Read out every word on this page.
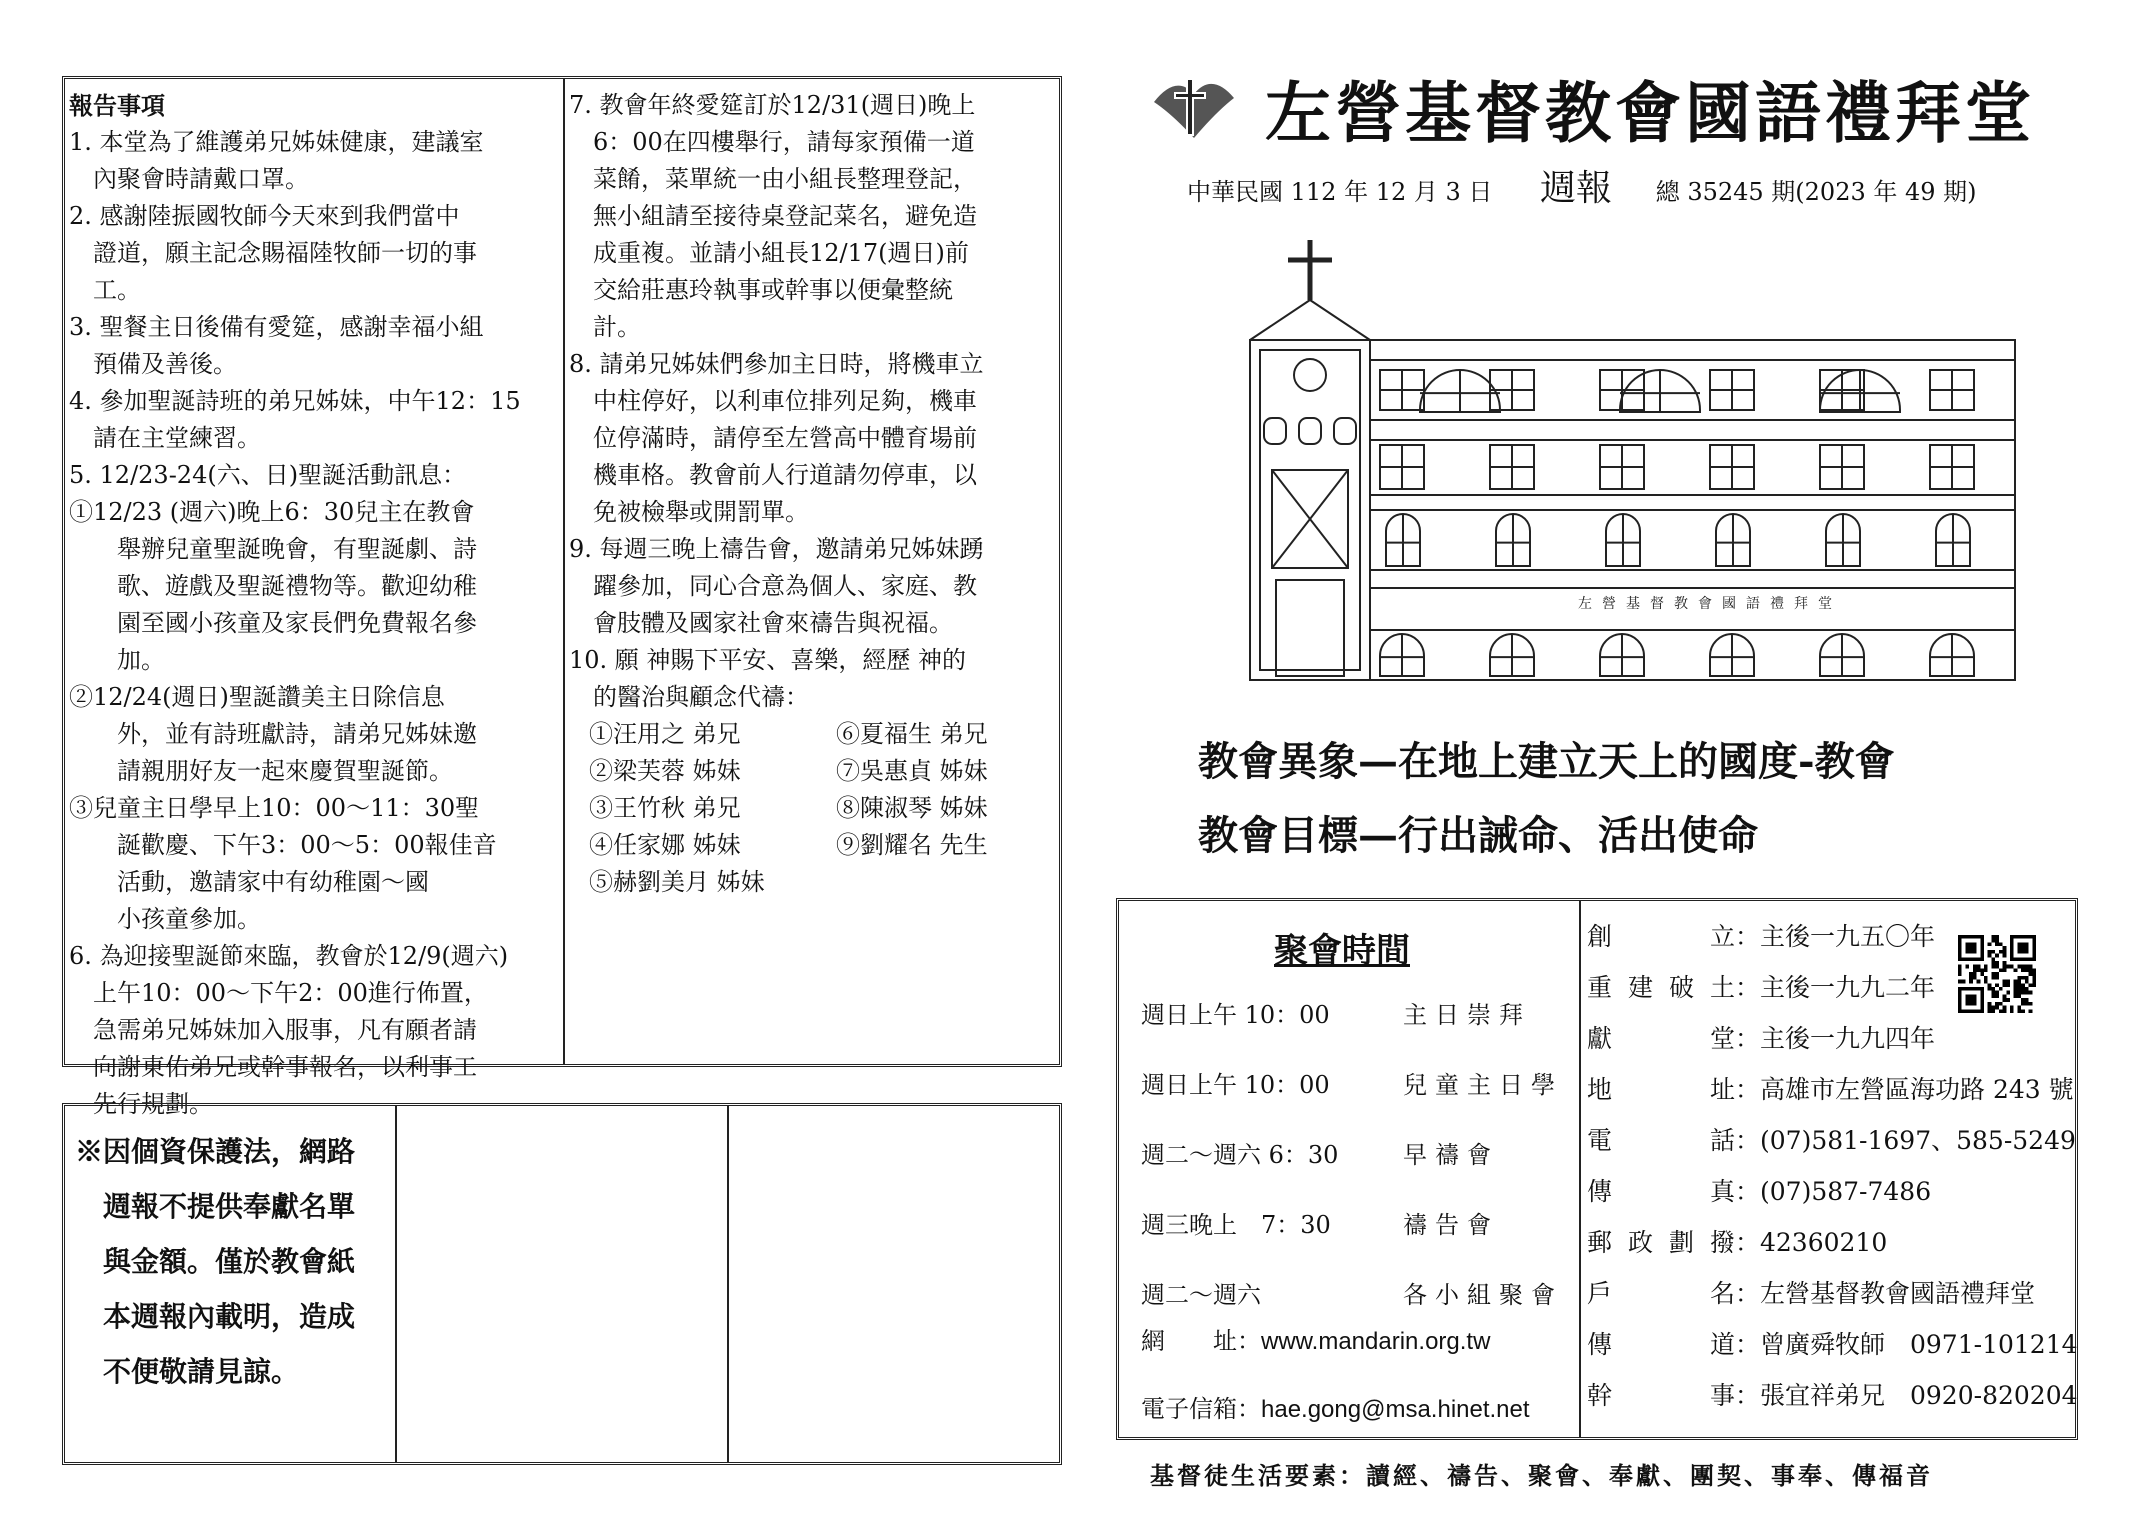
報告事項
1. 本堂為了維護弟兄姊妹健康，建議室
　內聚會時請戴口罩。
2. 感謝陸振國牧師今天來到我們當中
　證道，願主記念賜福陸牧師一切的事
　工。
3. 聖餐主日後備有愛筵，感謝幸福小組
　預備及善後。
4. 參加聖誕詩班的弟兄姊妹，中午12：15
　請在主堂練習。
5. 12/23-24(六、日)聖誕活動訊息：
①12/23 (週六)晚上6：30兒主在教會
　　舉辦兒童聖誕晚會，有聖誕劇、詩
　　歌、遊戲及聖誕禮物等。歡迎幼稚
　　園至國小孩童及家長們免費報名參
　　加。
②12/24(週日)聖誕讚美主日除信息
　　外，並有詩班獻詩，請弟兄姊妹邀
　　請親朋好友一起來慶賀聖誕節。
③兒童主日學早上10：00～11：30聖
　　誕歡慶、下午3：00～5：00報佳音
　　活動，邀請家中有幼稚園～國
　　小孩童參加。
6. 為迎接聖誕節來臨，教會於12/9(週六)
　上午10：00～下午2：00進行佈置，
　急需弟兄姊妹加入服事，凡有願者請
　向謝東佑弟兄或幹事報名，以利事工
　先行規劃。
7. 教會年終愛筵訂於12/31(週日)晚上
　6：00在四樓舉行，請每家預備一道
　菜餚，菜單統一由小組長整理登記，
　無小組請至接待桌登記菜名，避免造
　成重複。並請小組長12/17(週日)前
　交給莊惠玲執事或幹事以便彙整統
　計。
8. 請弟兄姊妹們參加主日時，將機車立
　中柱停好，以利車位排列足夠，機車
　位停滿時，請停至左營高中體育場前
　機車格。教會前人行道請勿停車，以
　免被檢舉或開罰單。
9. 每週三晚上禱告會，邀請弟兄姊妹踴
　躍參加，同心合意為個人、家庭、教
　會肢體及國家社會來禱告與祝福。
10. 願 神賜下平安、喜樂，經歷 神的
　的醫治與顧念代禱：
①汪用之 弟兄	⑥夏福生 弟兄
②梁芙蓉 姊妹	⑦吳惠貞 姊妹
③王竹秋 弟兄	⑧陳淑琴 姊妹
④任家娜 姊妹	⑨劉耀名 先生
⑤赫劉美月 姊妹
※因個資保護法，網路
　週報不提供奉獻名單
　與金額。僅於教會紙
　本週報內載明，造成
　不便敬請見諒。
左營基督教會國語禮拜堂
中華民國 112 年 12 月 3 日 週報 總 35245 期(2023 年 49 期)
左營基督教會國語禮拜堂
教會異象—在地上建立天上的國度-教會
教會目標—行出誡命、活出使命
聚會時間
週日上午 10：00	主日崇拜
週日上午 10：00	兒童主日學
週二～週六 6：30	早禱會
週三晚上　7：30	禱告會
週二～週六	各小組聚會
網　　址：www.mandarin.org.tw
電子信箱：hae.gong@msa.hinet.net
創立：主後一九五〇年
重建破土：主後一九九二年
獻堂：主後一九九四年
地址：高雄市左營區海功路 243 號
電話：(07)581-1697、585-5249
傳真：(07)587-7486
郵政劃撥：42360210
戶名：左營基督教會國語禮拜堂
傳道：曾廣舜牧師　0971-101214
幹事：張宜祥弟兄　0920-820204
基督徒生活要素：讀經、禱告、聚會、奉獻、團契、事奉、傳福音
